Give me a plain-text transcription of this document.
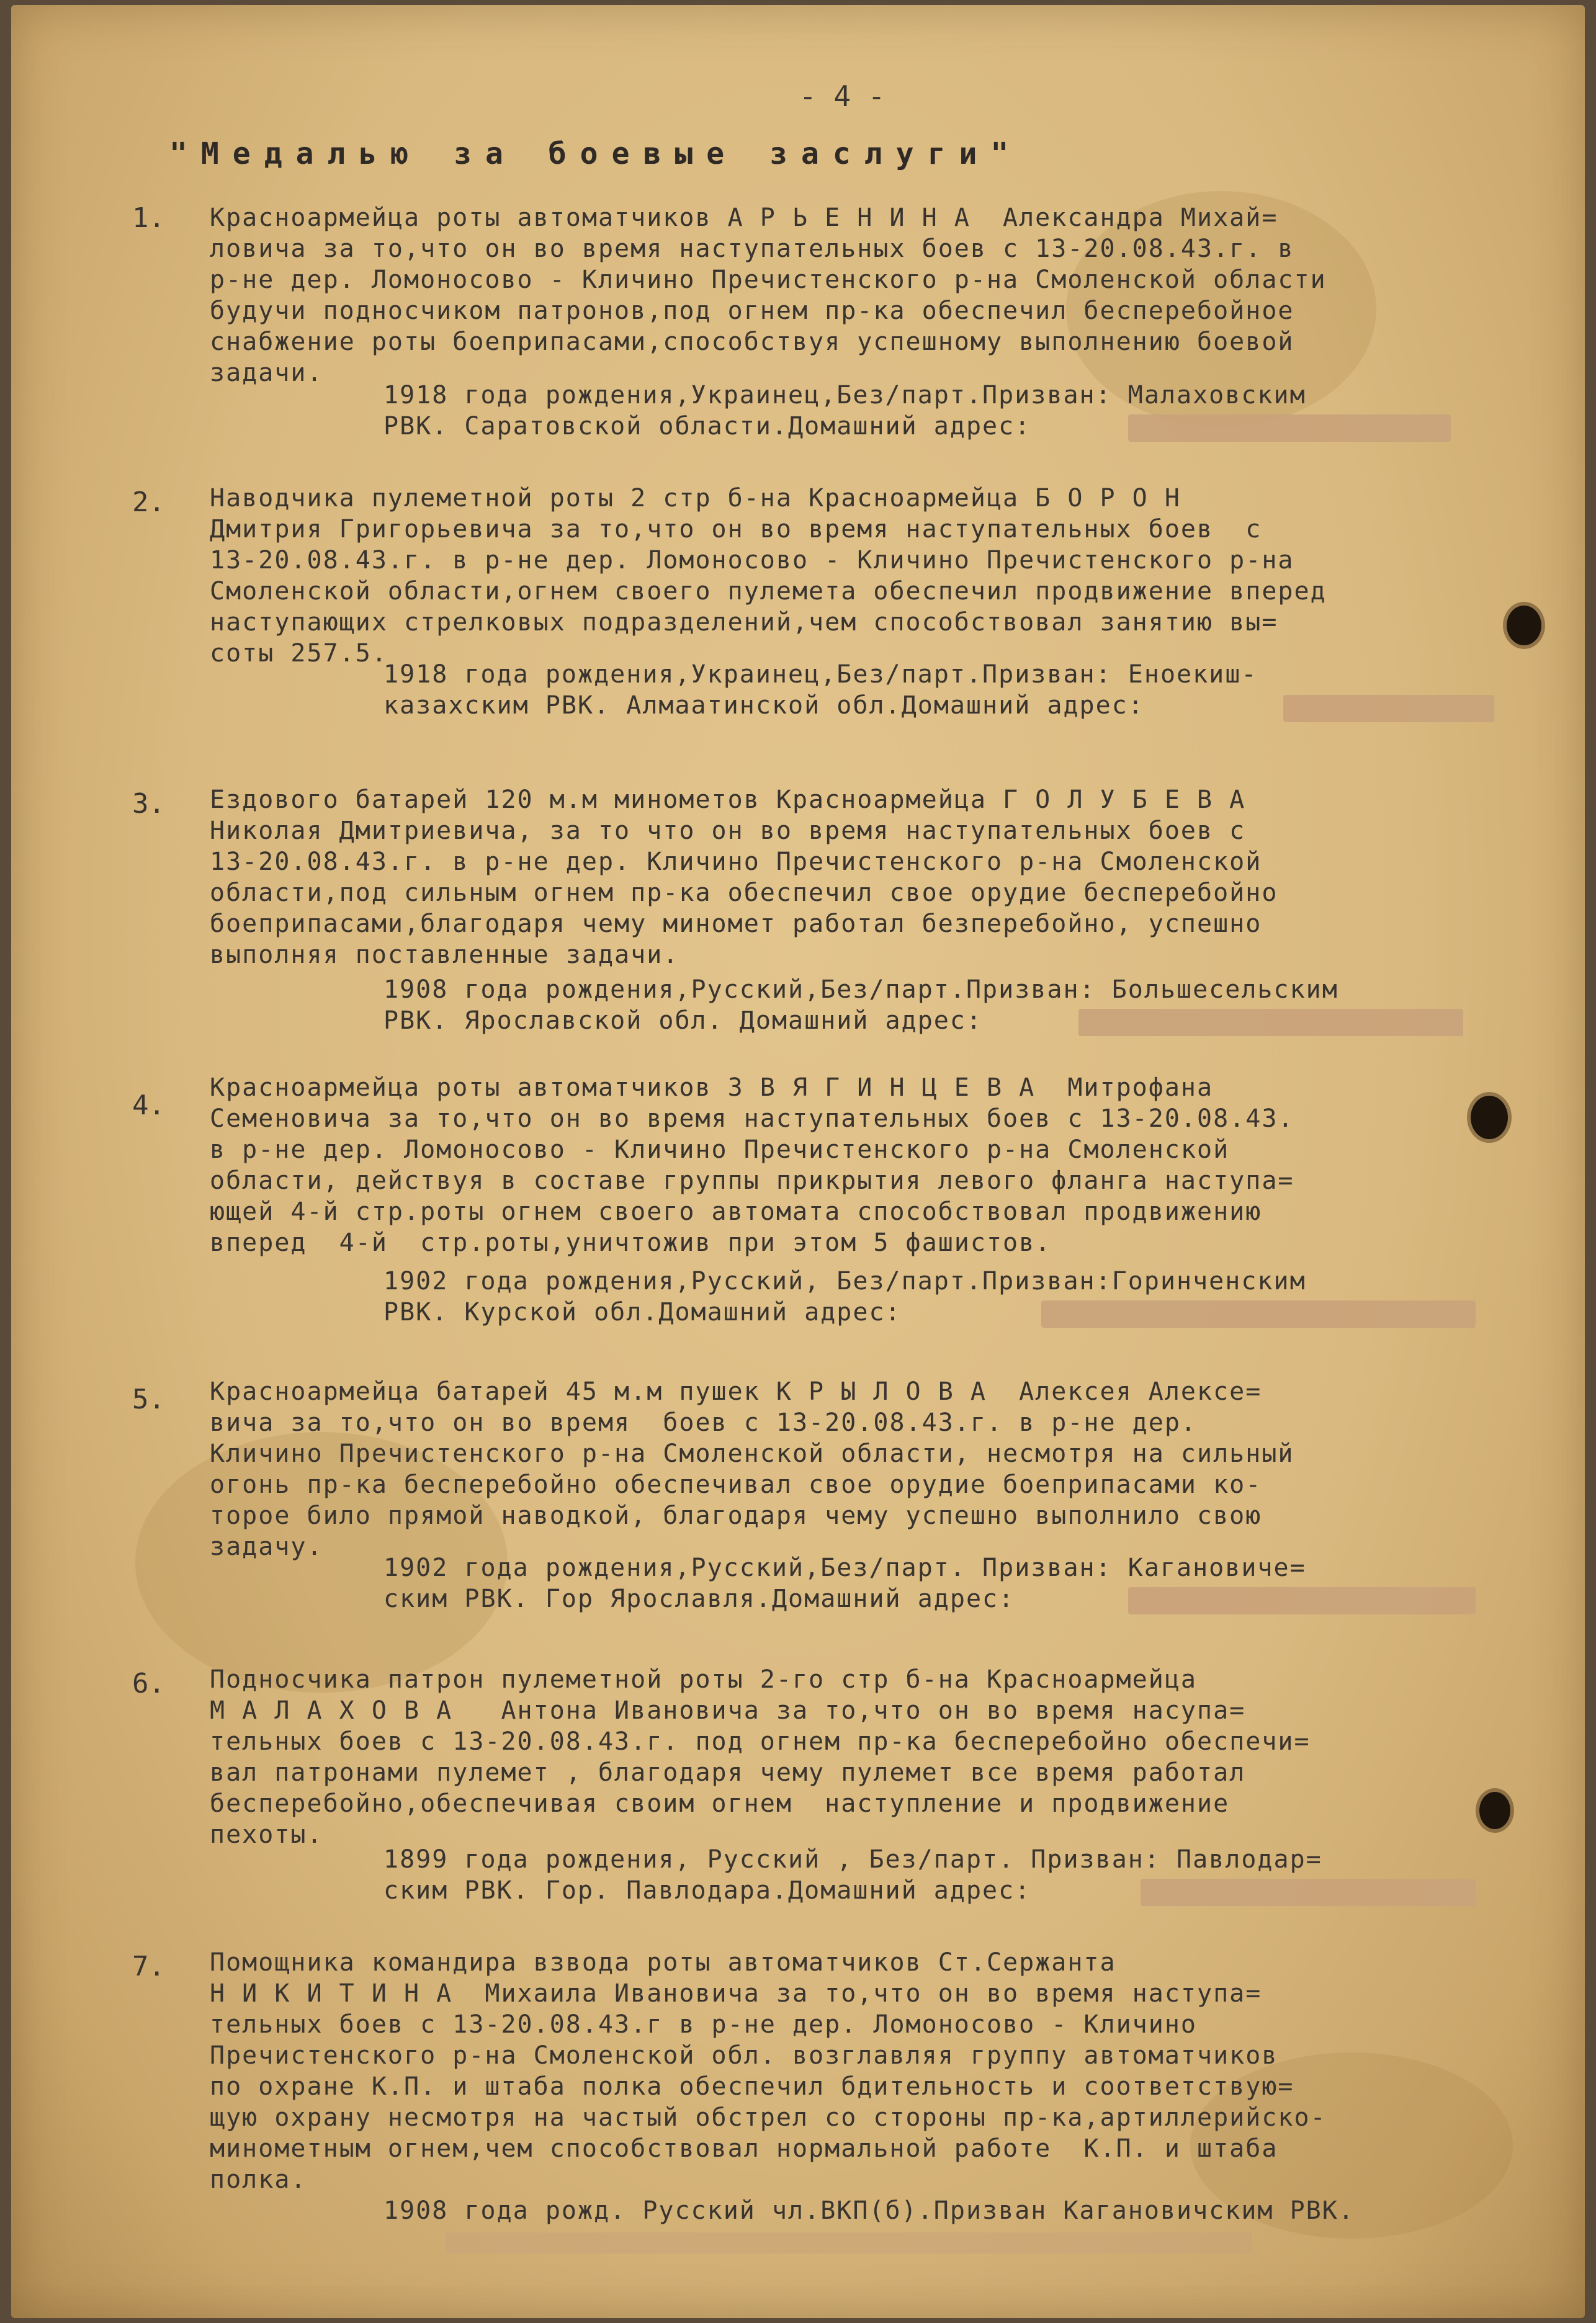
- 4 -
"Медалью за боевые заслуги"
1. Красноармейца роты автоматчиков А Р Ь Е Н И Н А  Александра Михай=
ловича за то,что он во время наступательных боев с 13-20.08.43.г. в
р-не дер. Ломоносово - Кличино Пречистенского р-на Смоленской области
будучи подносчиком патронов,под огнем пр-ка обеспечил бесперебойное
снабжение роты боеприпасами,способствуя успешному выполнению боевой
задачи.
1918 года рождения,Украинец,Без/парт.Призван: Малаховским
РВК. Саратовской области.Домашний адрес:
2. Наводчика пулеметной роты 2 стр б-на Красноармейца Б О Р О Н
Дмитрия Григорьевича за то,что он во время наступательных боев  с
13-20.08.43.г. в р-не дер. Ломоносово - Кличино Пречистенского р-на
Смоленской области,огнем своего пулемета обеспечил продвижение вперед
наступающих стрелковых подразделений,чем способствовал занятию вы=
соты 257.5.
1918 года рождения,Украинец,Без/парт.Призван: Еноекиш-
казахским РВК. Алмаатинской обл.Домашний адрес:
3. Ездового батарей 120 м.м минометов Красноармейца Г О Л У Б Е В А
Николая Дмитриевича, за то что он во время наступательных боев с
13-20.08.43.г. в р-не дер. Кличино Пречистенского р-на Смоленской
области,под сильным огнем пр-ка обеспечил свое орудие бесперебойно
боеприпасами,благодаря чему миномет работал безперебойно, успешно
выполняя поставленные задачи.
1908 года рождения,Русский,Без/парт.Призван: Большесельским
РВК. Ярославской обл. Домашний адрес:
4.
Красноармейца роты автоматчиков З В Я Г И Н Ц Е В А  Митрофана
Семеновича за то,что он во время наступательных боев с 13-20.08.43.
в р-не дер. Ломоносово - Кличино Пречистенского р-на Смоленской
области, действуя в составе группы прикрытия левого фланга наступа=
ющей 4-й стр.роты огнем своего автомата способствовал продвижению
вперед  4-й  стр.роты,уничтожив при этом 5 фашистов.
1902 года рождения,Русский, Без/парт.Призван:Горинченским
РВК. Курской обл.Домашний адрес:
5. Красноармейца батарей 45 м.м пушек К Р Ы Л О В А  Алексея Алексе=
вича за то,что он во время  боев с 13-20.08.43.г. в р-не дер.
Кличино Пречистенского р-на Смоленской области, несмотря на сильный
огонь пр-ка бесперебойно обеспечивал свое орудие боеприпасами ко-
торое било прямой наводкой, благодаря чему успешно выполнило свою
задачу.
1902 года рождения,Русский,Без/парт. Призван: Кагановиче=
ским РВК. Гор Ярославля.Домашний адрес:
6. Подносчика патрон пулеметной роты 2-го стр б-на Красноармейца
М А Л А Х О В А   Антона Ивановича за то,что он во время насупа=
тельных боев с 13-20.08.43.г. под огнем пр-ка бесперебойно обеспечи=
вал патронами пулемет , благодаря чему пулемет все время работал
бесперебойно,обеспечивая своим огнем  наступление и продвижение
пехоты.
1899 года рождения, Русский , Без/парт. Призван: Павлодар=
ским РВК. Гор. Павлодара.Домашний адрес:
7. Помощника командира взвода роты автоматчиков Ст.Сержанта
Н И К И Т И Н А  Михаила Ивановича за то,что он во время наступа=
тельных боев с 13-20.08.43.г в р-не дер. Ломоносово - Кличино
Пречистенского р-на Смоленской обл. возглавляя группу автоматчиков
по охране К.П. и штаба полка обеспечил бдительность и соответствую=
щую охрану несмотря на частый обстрел со стороны пр-ка,артиллерийско-
минометным огнем,чем способствовал нормальной работе  К.П. и штаба
полка.
1908 года рожд. Русский чл.ВКП(б).Призван Кагановичским РВК.
